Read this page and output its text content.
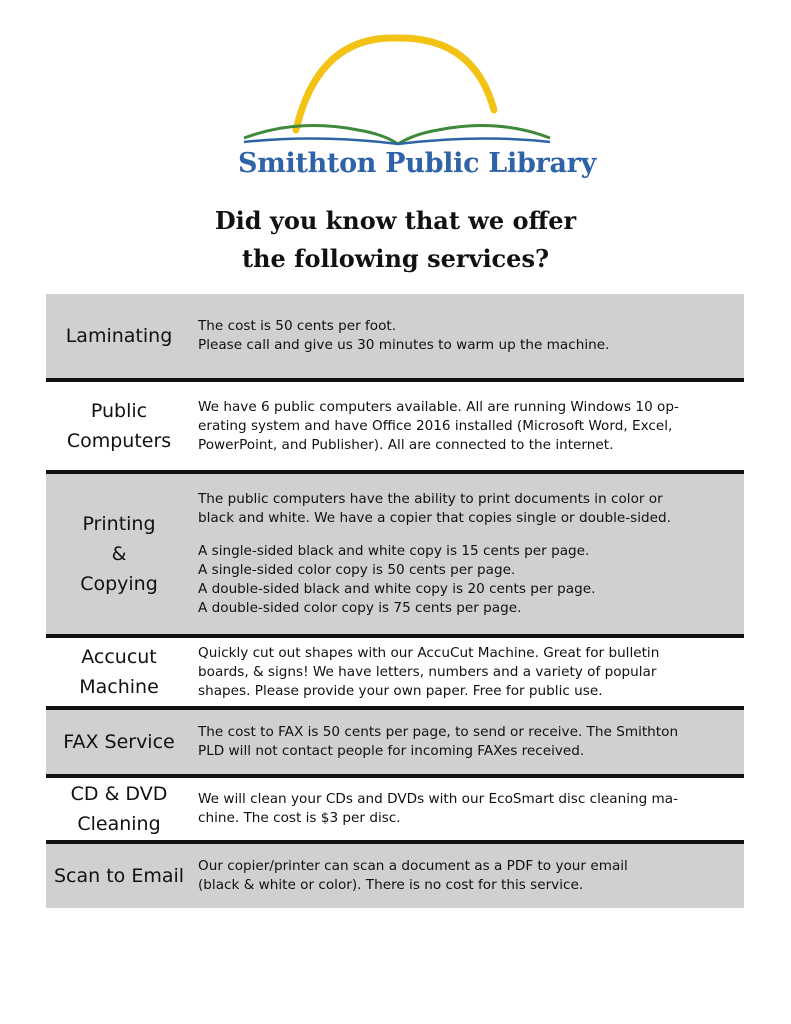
Smithton Public Library
Did you know that we offer
the following services?
Laminating The cost is 50 cents per foot.
Please call and give us 30 minutes to warm up the machine.
Public
Computers
We have 6 public computers available. All are running Windows 10 op-
erating system and have Office 2016 installed (Microsoft Word, Excel,
PowerPoint, and Publisher). All are connected to the internet.
Printing
&
Copying
The public computers have the ability to print documents in color or
black and white. We have a copier that copies single or double-sided.
A single-sided black and white copy is 15 cents per page.
A single-sided color copy is 50 cents per page.
A double-sided black and white copy is 20 cents per page.
A double-sided color copy is 75 cents per page.
Accucut
Machine
Quickly cut out shapes with our AccuCut Machine. Great for bulletin
boards, & signs! We have letters, numbers and a variety of popular
shapes. Please provide your own paper. Free for public use.
FAX Service The cost to FAX is 50 cents per page, to send or receive. The Smithton
PLD will not contact people for incoming FAXes received.
CD & DVD
Cleaning
We will clean your CDs and DVDs with our EcoSmart disc cleaning ma-
chine. The cost is $3 per disc.
Scan to Email Our copier/printer can scan a document as a PDF to your email
(black & white or color). There is no cost for this service.
